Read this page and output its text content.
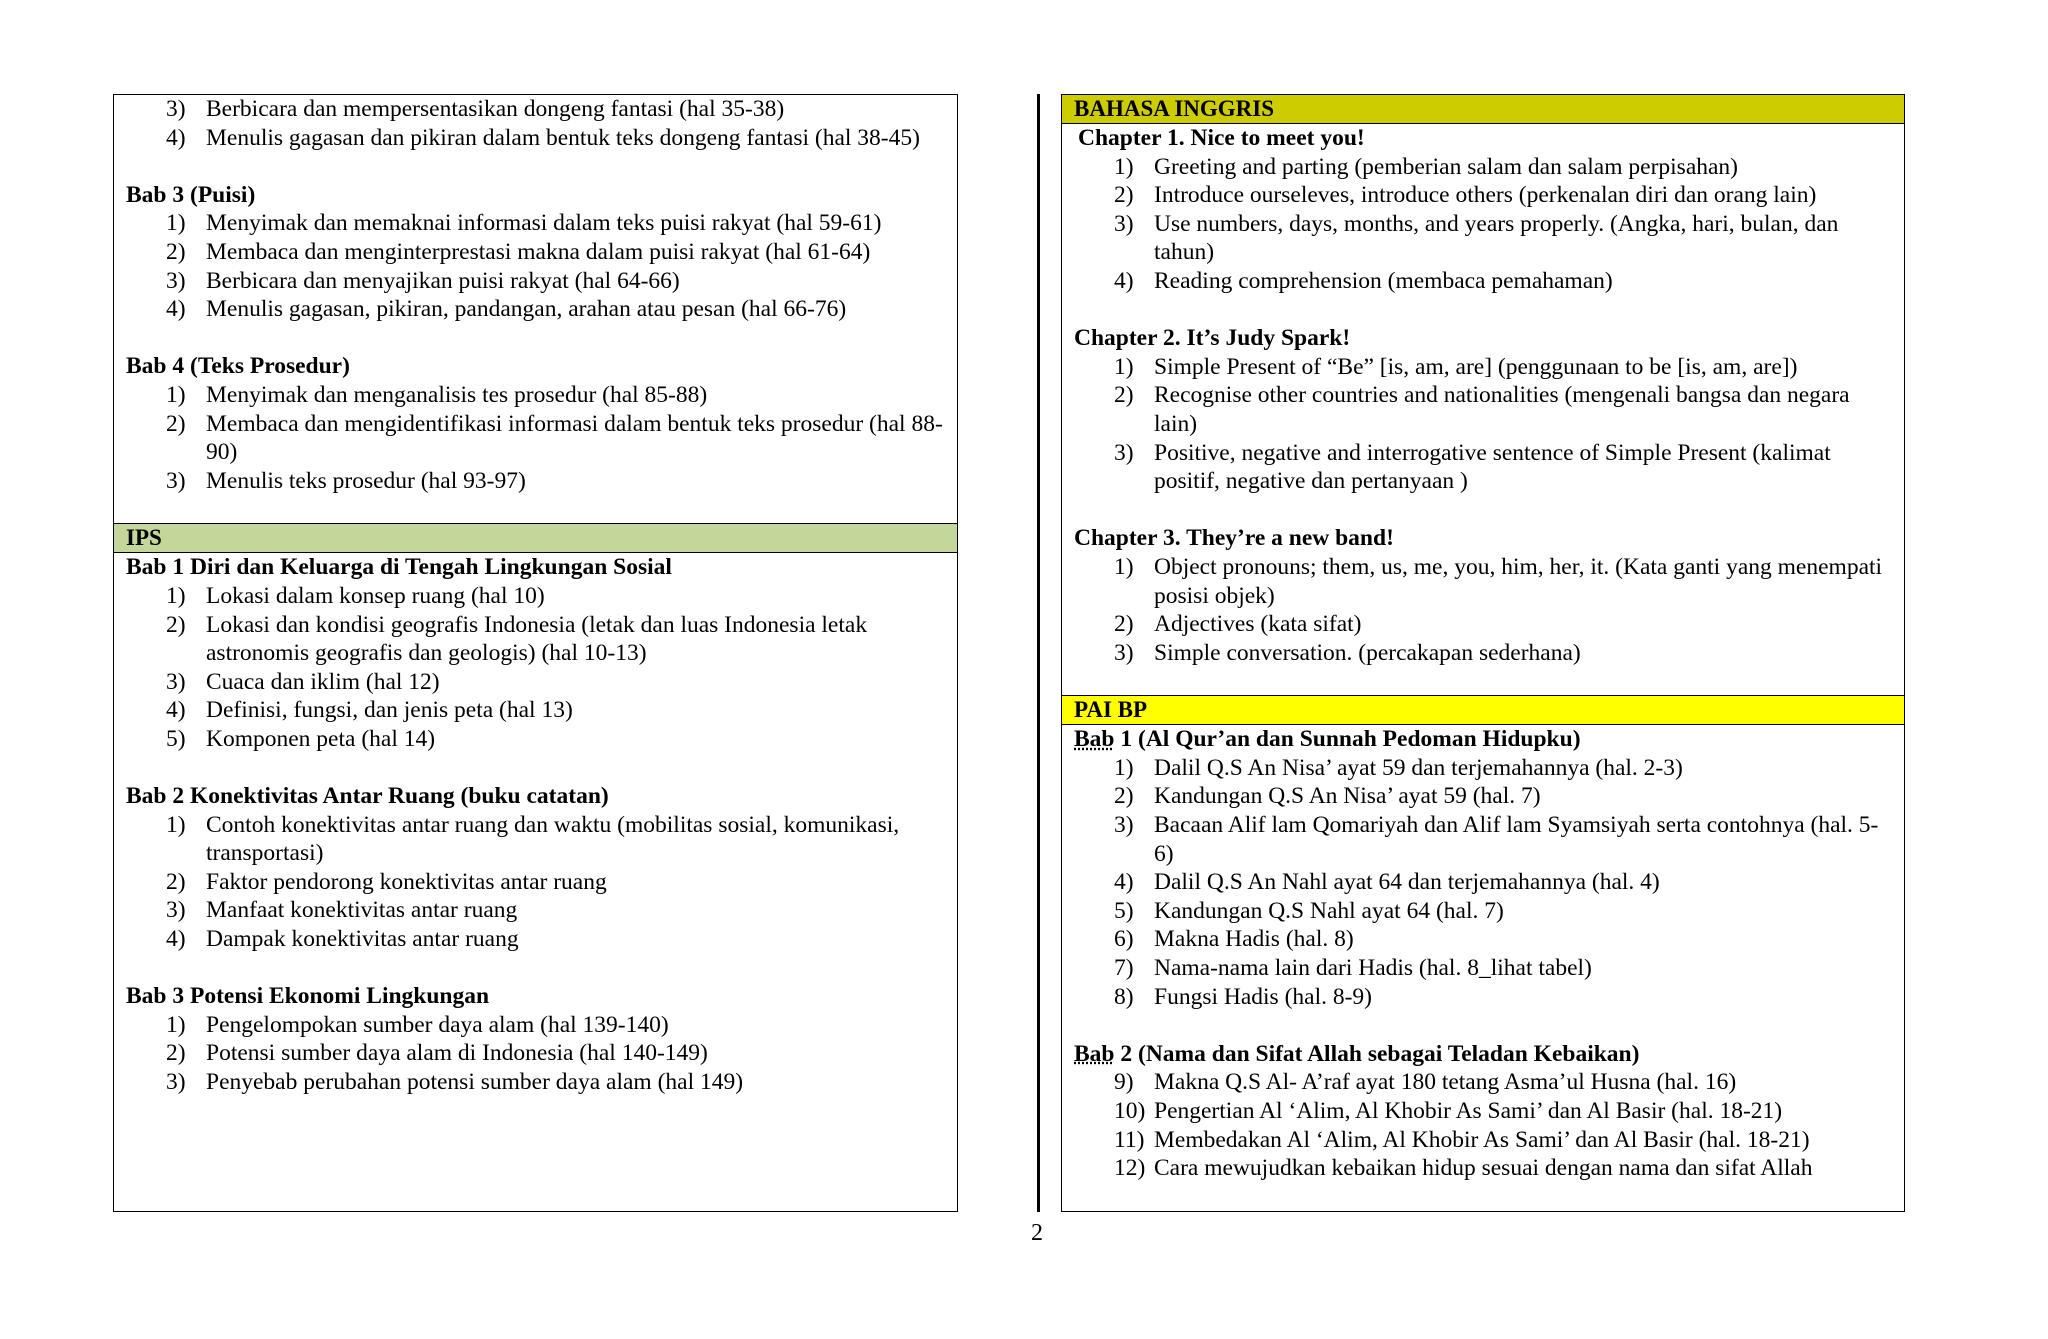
3) Berbicara dan mempersentasikan dongeng fantasi (hal 35-38)
4) Menulis gagasan dan pikiran dalam bentuk teks dongeng fantasi (hal 38-45)

Bab 3 (Puisi)

1) Menyimak dan memaknai informasi dalam teks puisi rakyat (hal 59-61)
2) Membaca dan menginterprestasi makna dalam puisi rakyat (hal 61-64)
3) Berbicara dan menyajikan puisi rakyat (hal 64-66)
4) Menulis gagasan, pikiran, pandangan, arahan atau pesan (hal 66-76)

Bab 4 (Teks Prosedur)

1) Menyimak dan menganalisis tes prosedur (hal 85-88)
2) Membaca dan mengidentifikasi informasi dalam bentuk teks prosedur (hal 88-90)
3) Menulis teks prosedur (hal 93-97)
IPS

Bab 1 Diri dan Keluarga di Tengah Lingkungan Sosial

1) Lokasi dalam konsep ruang (hal 10)
2) Lokasi dan kondisi geografis Indonesia (letak dan luas Indonesia letak astronomis geografis dan geologis) (hal 10-13)
3) Cuaca dan iklim (hal 12)
4) Definisi, fungsi, dan jenis peta (hal 13)
5) Komponen peta (hal 14)

Bab 2 Konektivitas Antar Ruang (buku catatan)

1) Contoh konektivitas antar ruang dan waktu (mobilitas sosial, komunikasi, transportasi)
2) Faktor pendorong konektivitas antar ruang
3) Manfaat konektivitas antar ruang
4) Dampak konektivitas antar ruang

Bab 3 Potensi Ekonomi Lingkungan

1) Pengelompokan sumber daya alam (hal 139-140)
2) Potensi sumber daya alam di Indonesia (hal 140-149)
3) Penyebab perubahan potensi sumber daya alam (hal 149)
BAHASA INGGRIS

Chapter 1. Nice to meet you!

1) Greeting and parting (pemberian salam dan salam perpisahan)
2) Introduce ourseleves, introduce others (perkenalan diri dan orang lain)
3) Use numbers, days, months, and years properly. (Angka, hari, bulan, dan tahun)
4) Reading comprehension (membaca pemahaman)

Chapter 2. It’s Judy Spark!

1) Simple Present of “Be” [is, am, are] (penggunaan to be [is, am, are])
2) Recognise other countries and nationalities (mengenali bangsa dan negara lain)
3) Positive, negative and interrogative sentence of Simple Present (kalimat positif, negative dan pertanyaan )

Chapter 3. They’re a new band!

1) Object pronouns; them, us, me, you, him, her, it. (Kata ganti yang menempati posisi objek)
2) Adjectives (kata sifat)
3) Simple conversation. (percakapan sederhana)
PAI BP

Bab 1 (Al Qur’an dan Sunnah Pedoman Hidupku)

1) Dalil Q.S An Nisa’ ayat 59 dan terjemahannya (hal. 2-3)
2) Kandungan Q.S An Nisa’ ayat 59 (hal. 7)
3) Bacaan Alif lam Qomariyah dan Alif lam Syamsiyah serta contohnya (hal. 5-6)
4) Dalil Q.S An Nahl ayat 64 dan terjemahannya (hal. 4)
5) Kandungan Q.S Nahl ayat 64 (hal. 7)
6) Makna Hadis (hal. 8)
7) Nama-nama lain dari Hadis (hal. 8_lihat tabel)
8) Fungsi Hadis (hal. 8-9)

Bab 2 (Nama dan Sifat Allah sebagai Teladan Kebaikan)

9) Makna Q.S Al- A’raf ayat 180 tetang Asma’ul Husna (hal. 16)
10) Pengertian Al ‘Alim, Al Khobir As Sami’ dan Al Basir (hal. 18-21)
11) Membedakan Al ‘Alim, Al Khobir As Sami’ dan Al Basir (hal. 18-21)
12) Cara mewujudkan kebaikan hidup sesuai dengan nama dan sifat Allah
2
